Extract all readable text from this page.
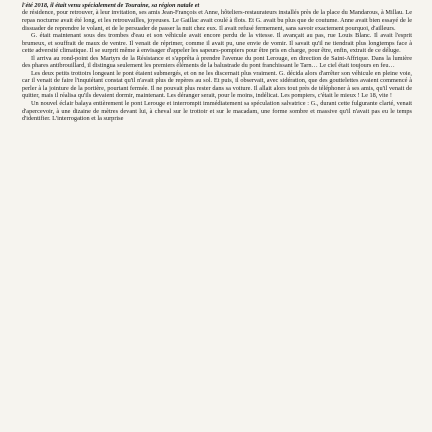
l'été 2018, il était venu spécialement de Touraine, sa région natale et

de résidence, pour retrouver, à leur invitation, ses amis Jean-François et Anne, hôteliers-restaurateurs installés près de la place du Mandarous, à Millau. Le repas nocturne avait été long, et les retrouvailles, joyeuses. Le Gaillac avait coulé à flots. Et G. avait bu plus que de coutume. Anne avait bien essayé de le dissuader de reprendre le volant, et de le persuader de passer la nuit chez eux. Il avait refusé fermement, sans savoir exactement pourquoi, d'ailleurs.

G. était maintenant sous des trombes d'eau et son véhicule avait encore perdu de la vitesse. Il avançait au pas, rue Louis Blanc. Il avait l'esprit brumeux, et souffrait de maux de ventre. Il venait de réprimer, comme il avait pu, une envie de vomir. Il savait qu'il ne tiendrait plus longtemps face à cette adversité climatique. Il se surprit même à envisager d'appeler les sapeurs-pompiers pour être pris en charge, pour être, enfin, extrait de ce déluge.

Il arriva au rond-point des Martyrs de la Résistance et s'apprêta à prendre l'avenue du pont Lerouge, en direction de Saint-Affrique. Dans la lumière des phares antibrouillard, il distingua seulement les premiers éléments de la balustrade du pont franchissant le Tarn… Le ciel était toujours en feu…

Les deux petits trottoirs longeant le pont étaient submergés, et on ne les discernait plus vraiment. G. décida alors d'arrêter son véhicule en pleine voie, car il venait de faire l'inquiétant constat qu'il n'avait plus de repères au sol. Et puis, il observait, avec sidération, que des gouttelettes avaient commencé à perler à la jointure de la portière, pourtant fermée. Il ne pouvait plus rester dans sa voiture. Il allait alors tout près de téléphoner à ses amis, qu'il venait de quitter, mais il réalisa qu'ils devaient dormir, maintenant. Les déranger serait, pour le moins, indélicat. Les pompiers, c'était le mieux ! Le 18, vite !

Un nouvel éclair balaya entièrement le pont Lerouge et interrompit immédiatement sa spéculation salvatrice : G., durant cette fulgurante clarté, venait d'apercevoir, à une dizaine de mètres devant lui, à cheval sur le trottoir et sur le macadam, une forme sombre et massive qu'il n'avait pas eu le temps d'identifier. L'interrogation et la surprise
